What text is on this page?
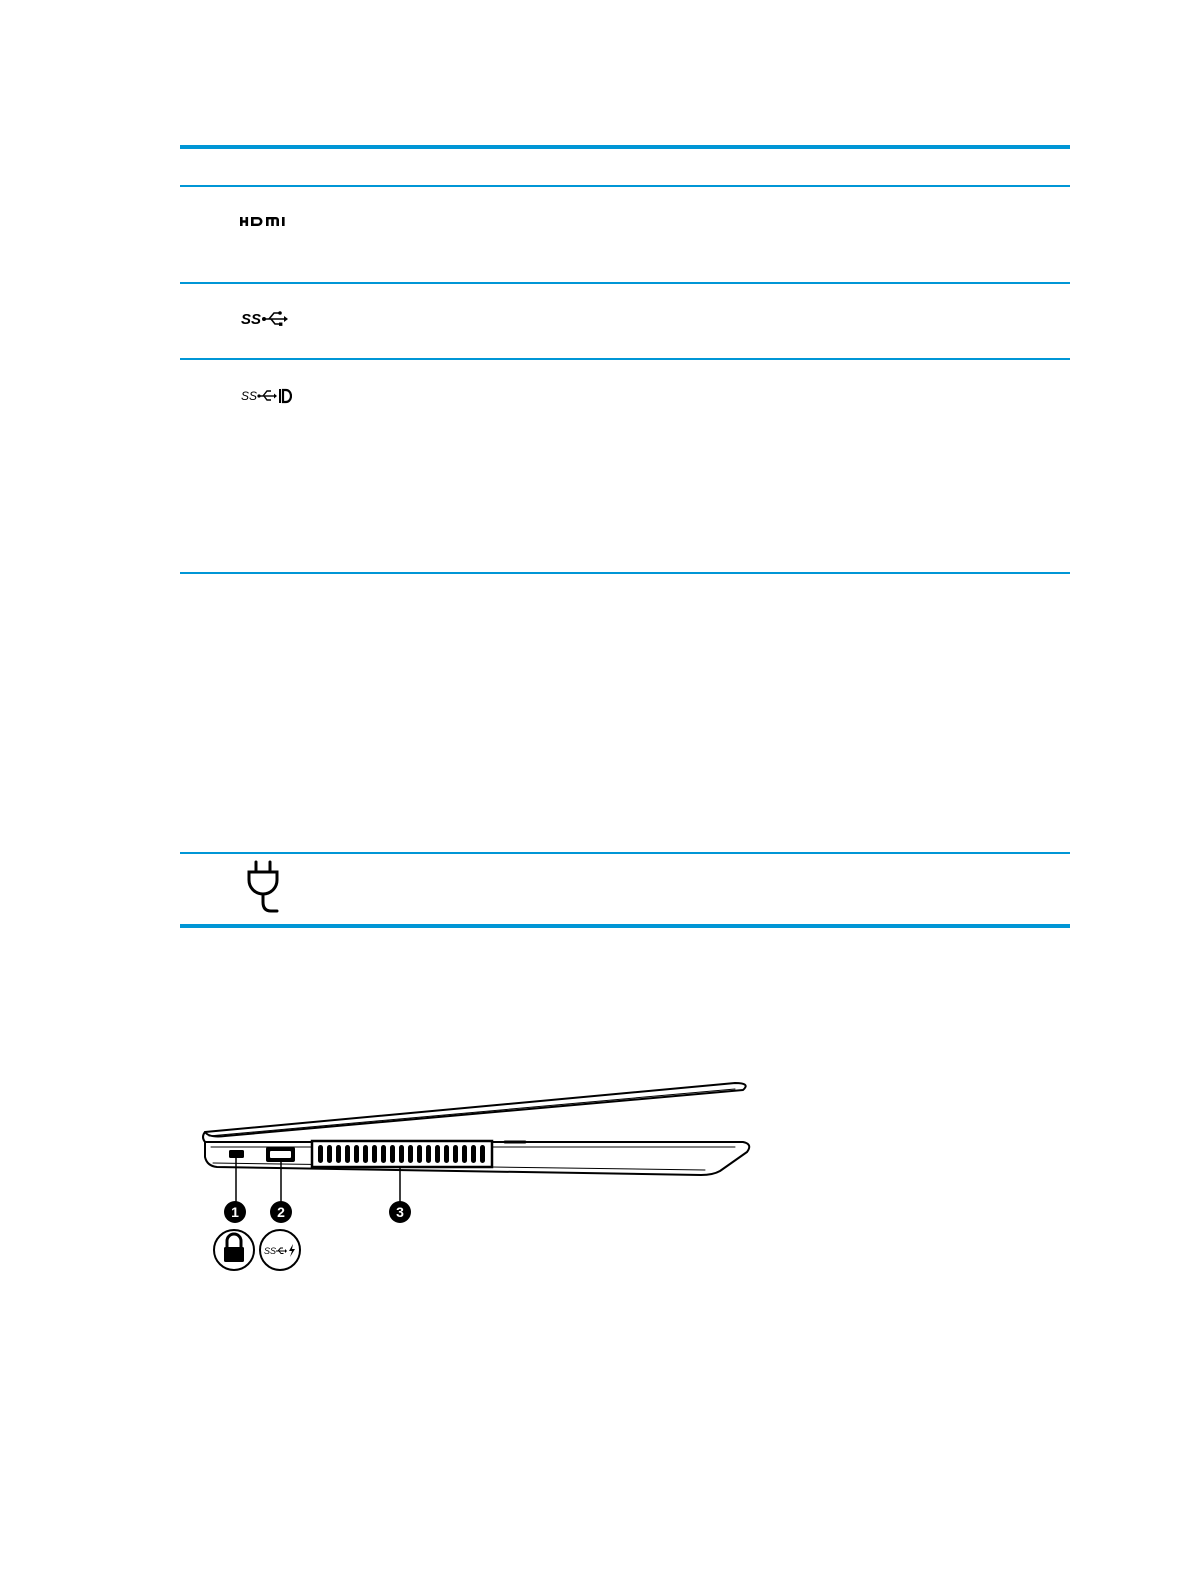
SS
SS
1	2	3
SS
